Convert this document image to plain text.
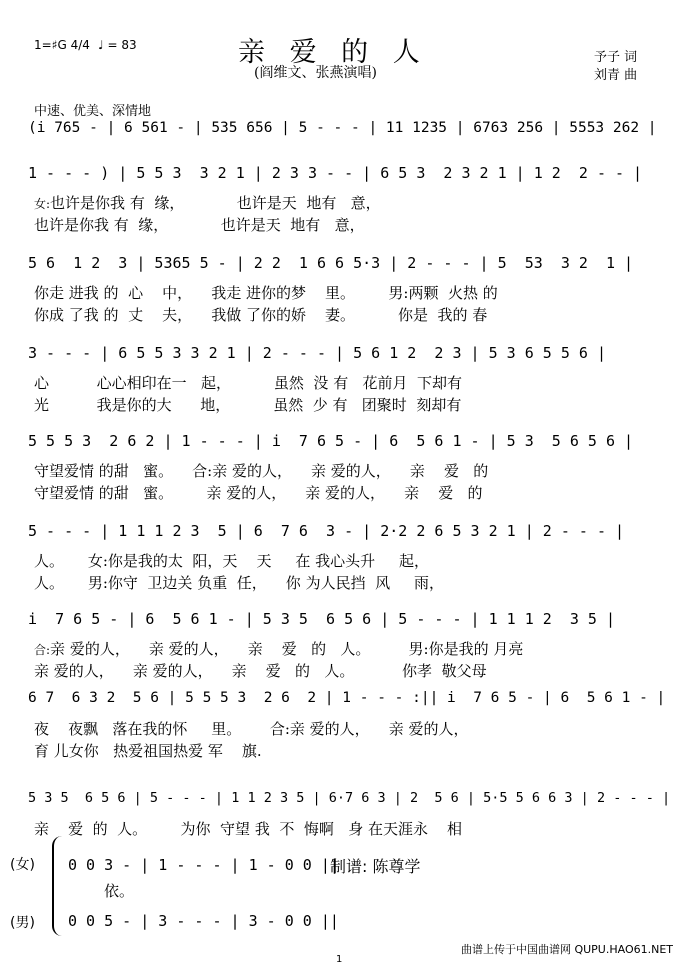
1=♯G 4/4 ♩ = 83	亲 爱 的 人
(阎维文、张燕演唱)
予子 词
刘青 曲
中速、优美、深情地
(i 765 - | 6 561 - | 535 656 | 5 - - - | 11 1235 | 6763 256 | 5553 262 |
1 - - - ) | 5 5 3  3 2 1 | 2 3 3 - - | 6 5 3  2 3 2 1 | 1 2  2 - - |
女:也许是你我 有  缘，           也许是天  地有   意，
也许是你我 有  缘，           也许是天  地有   意，
5 6  1 2  3 | 5365 5 - | 2 2  1 6 6 5·3 | 2 - - - | 5  53  3 2  1 |
你走 进我 的  心    中，    我走 进你的梦    里。       男:两颗  火热 的
你成 了我 的  丈    夫，    我做 了你的娇    妻。         你是  我的 春
3 - - - | 6 5 5 3 3 2 1 | 2 - - - | 5 6 1 2  2 3 | 5 3 6 5 5 6 |
心          心心相印在一   起，         虽然  没 有   花前月  下却有
光          我是你的大      地，         虽然  少 有   团聚时  刻却有
5 5 5 3  2 6 2 | 1 - - - | i  7 6 5 - | 6  5 6 1 - | 5 3  5 6 5 6 |
守望爱情 的甜   蜜。    合:亲 爱的人，    亲 爱的人，    亲    爱   的
守望爱情 的甜   蜜。       亲 爱的人，    亲 爱的人，    亲    爱   的
5 - - - | 1 1 1 2 3  5 | 6  7 6  3 - | 2·2 2 6 5 3 2 1 | 2 - - - |
人。     女:你是我的太  阳，天    天     在 我心头升     起，
人。     男:你守  卫边关 负重  任，    你 为人民挡  风     雨，
i  7 6 5 - | 6  5 6 1 - | 5 3 5  6 5 6 | 5 - - - | 1 1 1 2  3 5 |
合:亲 爱的人，    亲 爱的人，    亲    爱   的   人。        男:你是我的 月亮
亲 爱的人，    亲 爱的人，    亲    爱   的   人。          你孝  敬父母
6 7  6 3 2  5 6 | 5 5 5 3  2 6  2 | 1 - - - :|| i  7 6 5 - | 6  5 6 1 - |
夜    夜飘   落在我的怀     里。      合:亲 爱的人，    亲 爱的人，
育 儿女你   热爱祖国热爱 军    旗.
5 3 5  6 5 6 | 5 - - - | 1 1 2 3 5 | 6·7 6 3 | 2  5 6 | 5·5 5 6 6 3 | 2 - - - |
亲    爱  的  人。       为你  守望 我  不  悔啊   身 在天涯永    相
(女) 0 0 3 - | 1 - - - | 1 - 0 0 ||
依。
(男) 0 0 5 - | 3 - - - | 3 - 0 0 ||
制谱: 陈尊学
曲谱上传于中国曲谱网 QUPU.HAO61.NET
1
